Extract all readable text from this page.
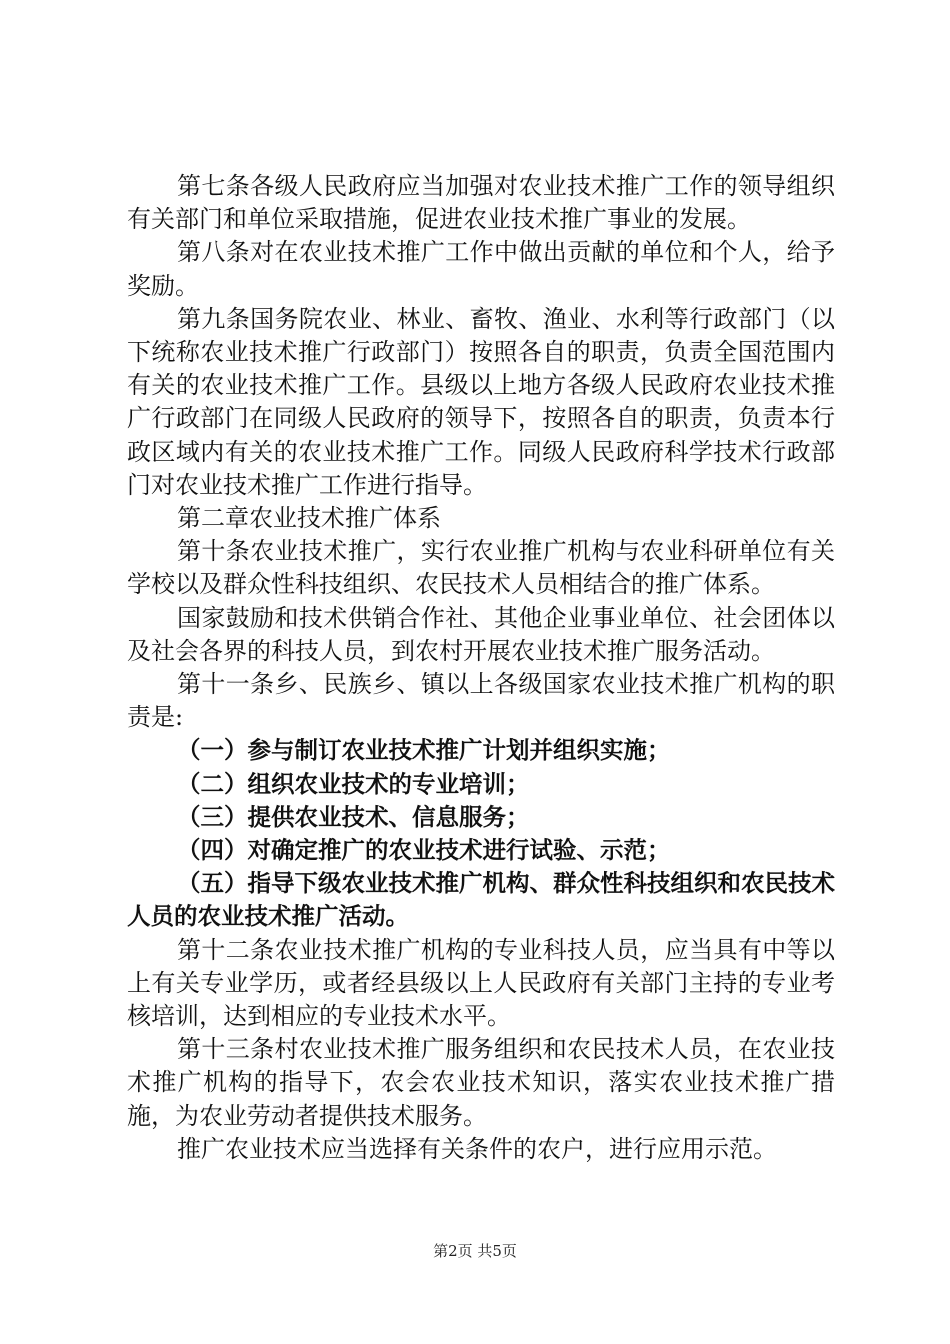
第七条各级人民政府应当加强对农业技术推广工作的领导组织有关部门和单位采取措施，促进农业技术推广事业的发展。

第八条对在农业技术推广工作中做出贡献的单位和个人，给予奖励。

第九条国务院农业、林业、畜牧、渔业、水利等行政部门（以下统称农业技术推广行政部门）按照各自的职责，负责全国范围内有关的农业技术推广工作。县级以上地方各级人民政府农业技术推广行政部门在同级人民政府的领导下，按照各自的职责，负责本行政区域内有关的农业技术推广工作。同级人民政府科学技术行政部门对农业技术推广工作进行指导。

第二章农业技术推广体系

第十条农业技术推广，实行农业推广机构与农业科研单位有关学校以及群众性科技组织、农民技术人员相结合的推广体系。

国家鼓励和技术供销合作社、其他企业事业单位、社会团体以及社会各界的科技人员，到农村开展农业技术推广服务活动。

第十一条乡、民族乡、镇以上各级国家农业技术推广机构的职责是:

（一）参与制订农业技术推广计划并组织实施；

（二）组织农业技术的专业培训；

（三）提供农业技术、信息服务；

（四）对确定推广的农业技术进行试验、示范；

（五）指导下级农业技术推广机构、群众性科技组织和农民技术人员的农业技术推广活动。

第十二条农业技术推广机构的专业科技人员，应当具有中等以上有关专业学历，或者经县级以上人民政府有关部门主持的专业考核培训，达到相应的专业技术水平。

第十三条村农业技术推广服务组织和农民技术人员，在农业技术推广机构的指导下，农会农业技术知识，落实农业技术推广措施，为农业劳动者提供技术服务。

推广农业技术应当选择有关条件的农户，进行应用示范。

第2页 共5页
